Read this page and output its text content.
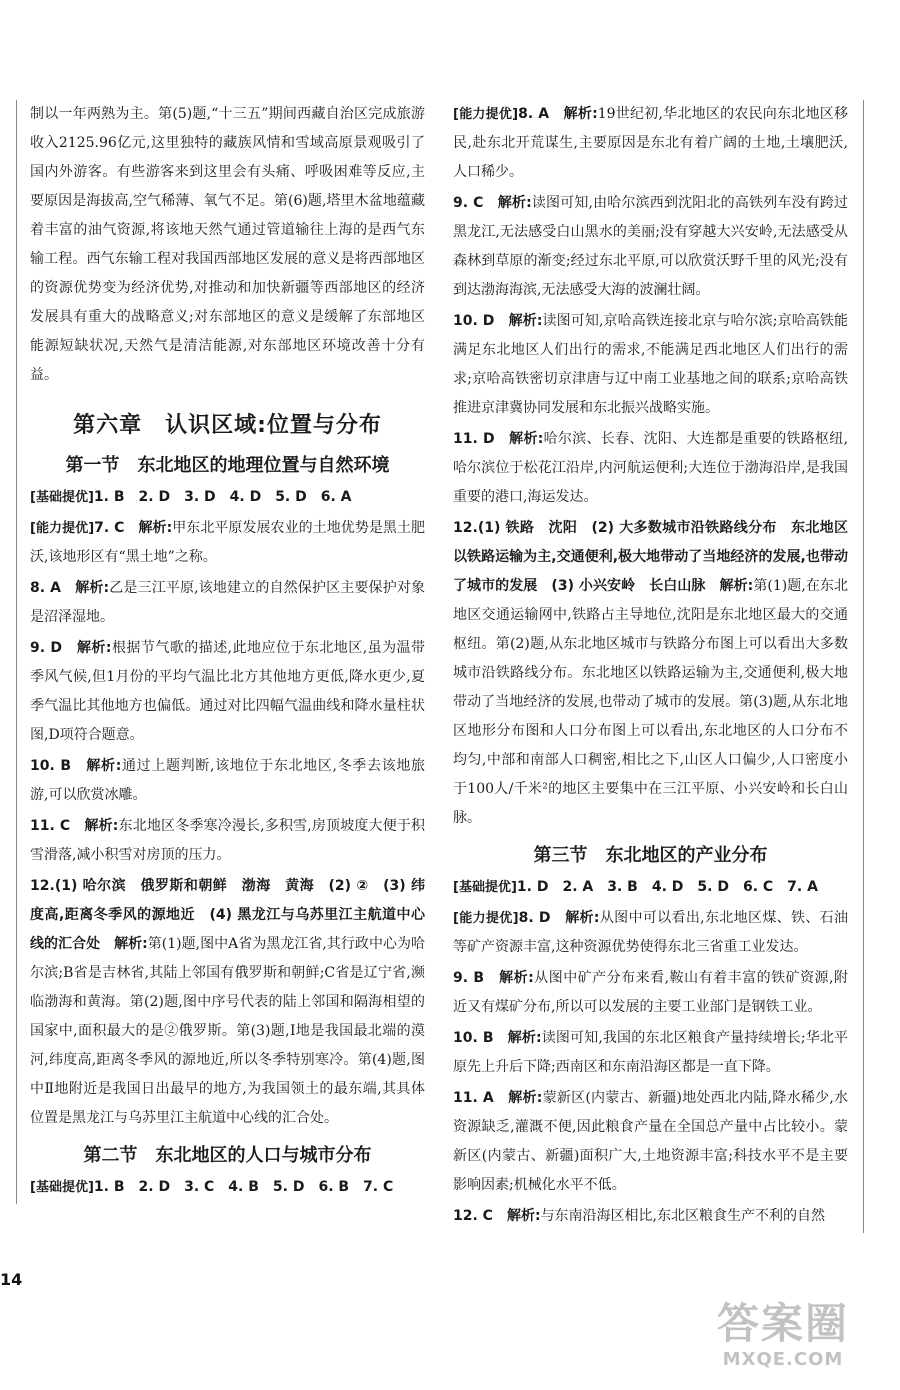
制以一年两熟为主。第(5)题,“十三五”期间西藏自治区完成旅游收入2125.96亿元,这里独特的藏族风情和雪域高原景观吸引了国内外游客。有些游客来到这里会有头痛、呼吸困难等反应,主要原因是海拔高,空气稀薄、氧气不足。第(6)题,塔里木盆地蕴藏着丰富的油气资源,将该地天然气通过管道输往上海的是西气东输工程。西气东输工程对我国西部地区发展的意义是将西部地区的资源优势变为经济优势,对推动和加快新疆等西部地区的经济发展具有重大的战略意义;对东部地区的意义是缓解了东部地区能源短缺状况,天然气是清洁能源,对东部地区环境改善十分有益。

第六章　认识区域:位置与分布
第一节　东北地区的地理位置与自然环境

[ 基础提优 ] 1. B　2. D　3. D　4. D　5. D　6. A

[ 能力提优 ] 7. C　 解析:甲东北平原发展农业的土地优势是黑土肥沃,该地形区有“黑土地”之称。

8. A　 解析:乙是三江平原,该地建立的自然保护区主要保护对象是沼泽湿地。

9. D　 解析:根据节气歌的描述,此地应位于东北地区,虽为温带季风气候,但1月份的平均气温比北方其他地方更低,降水更少,夏季气温比其他地方也偏低。通过对比四幅气温曲线和降水量柱状图,D项符合题意。

10. B　 解析:通过上题判断,该地位于东北地区,冬季去该地旅游,可以欣赏冰雕。

11. C　 解析:东北地区冬季寒冷漫长,多积雪,房顶坡度大便于积雪滑落,减小积雪对房顶的压力。

12.(1) 哈尔滨　俄罗斯和朝鲜　渤海　黄海　(2) ②　(3) 纬度高,距离冬季风的源地近　(4) 黑龙江与乌苏里江主航道中心线的汇合处　解析:第(1)题,图中A省为黑龙江省,其行政中心为哈尔滨;B省是吉林省,其陆上邻国有俄罗斯和朝鲜;C省是辽宁省,濒临渤海和黄海。第(2)题,图中序号代表的陆上邻国和隔海相望的国家中,面积最大的是②俄罗斯。第(3)题,Ⅰ地是我国最北端的漠河,纬度高,距离冬季风的源地近,所以冬季特别寒冷。第(4)题,图中Ⅱ地附近是我国日出最早的地方,为我国领土的最东端,其具体位置是黑龙江与乌苏里江主航道中心线的汇合处。

第二节　东北地区的人口与城市分布

[ 基础提优 ] 1. B　2. D　3. C　4. B　5. D　6. B　7. C

[ 能力提优 ] 8. A　 解析:19世纪初,华北地区的农民向东北地区移民,赴东北开荒谋生,主要原因是东北有着广阔的土地,土壤肥沃,人口稀少。

9. C　 解析:读图可知,由哈尔滨西到沈阳北的高铁列车没有跨过黑龙江,无法感受白山黑水的美丽;没有穿越大兴安岭,无法感受从森林到草原的渐变;经过东北平原,可以欣赏沃野千里的风光;没有到达渤海海滨,无法感受大海的波澜壮阔。

10. D　 解析:读图可知,京哈高铁连接北京与哈尔滨;京哈高铁能满足东北地区人们出行的需求,不能满足西北地区人们出行的需求;京哈高铁密切京津唐与辽中南工业基地之间的联系;京哈高铁推进京津冀协同发展和东北振兴战略实施。

11. D　 解析:哈尔滨、长春、沈阳、大连都是重要的铁路枢纽,哈尔滨位于松花江沿岸,内河航运便利;大连位于渤海沿岸,是我国重要的港口,海运发达。

12.(1) 铁路　沈阳　(2) 大多数城市沿铁路线分布　东北地区以铁路运输为主,交通便利,极大地带动了当地经济的发展,也带动了城市的发展　(3) 小兴安岭　长白山脉　解析:第(1)题,在东北地区交通运输网中,铁路占主导地位,沈阳是东北地区最大的交通枢纽。第(2)题,从东北地区城市与铁路分布图上可以看出大多数城市沿铁路线分布。东北地区以铁路运输为主,交通便利,极大地带动了当地经济的发展,也带动了城市的发展。第(3)题,从东北地区地形分布图和人口分布图上可以看出,东北地区的人口分布不均匀,中部和南部人口稠密,相比之下,山区人口偏少,人口密度小于100人/千米²的地区主要集中在三江平原、小兴安岭和长白山脉。

第三节　东北地区的产业分布

[ 基础提优 ] 1. D　2. A　3. B　4. D　5. D　6. C　7. A

[ 能力提优 ] 8. D　 解析:从图中可以看出,东北地区煤、铁、石油等矿产资源丰富,这种资源优势使得东北三省重工业发达。

9. B　 解析:从图中矿产分布来看,鞍山有着丰富的铁矿资源,附近又有煤矿分布,所以可以发展的主要工业部门是钢铁工业。

10. B　 解析:读图可知,我国的东北区粮食产量持续增长;华北平原先上升后下降;西南区和东南沿海区都是一直下降。

11. A　 解析:蒙新区(内蒙古、新疆)地处西北内陆,降水稀少,水资源缺乏,灌溉不便,因此粮食产量在全国总产量中占比较小。蒙新区(内蒙古、新疆)面积广大,土地资源丰富;科技水平不是主要影响因素;机械化水平不低。

12. C　 解析:与东南沿海区相比,东北区粮食生产不利的自然

14
答案圈
MXQE.COM
